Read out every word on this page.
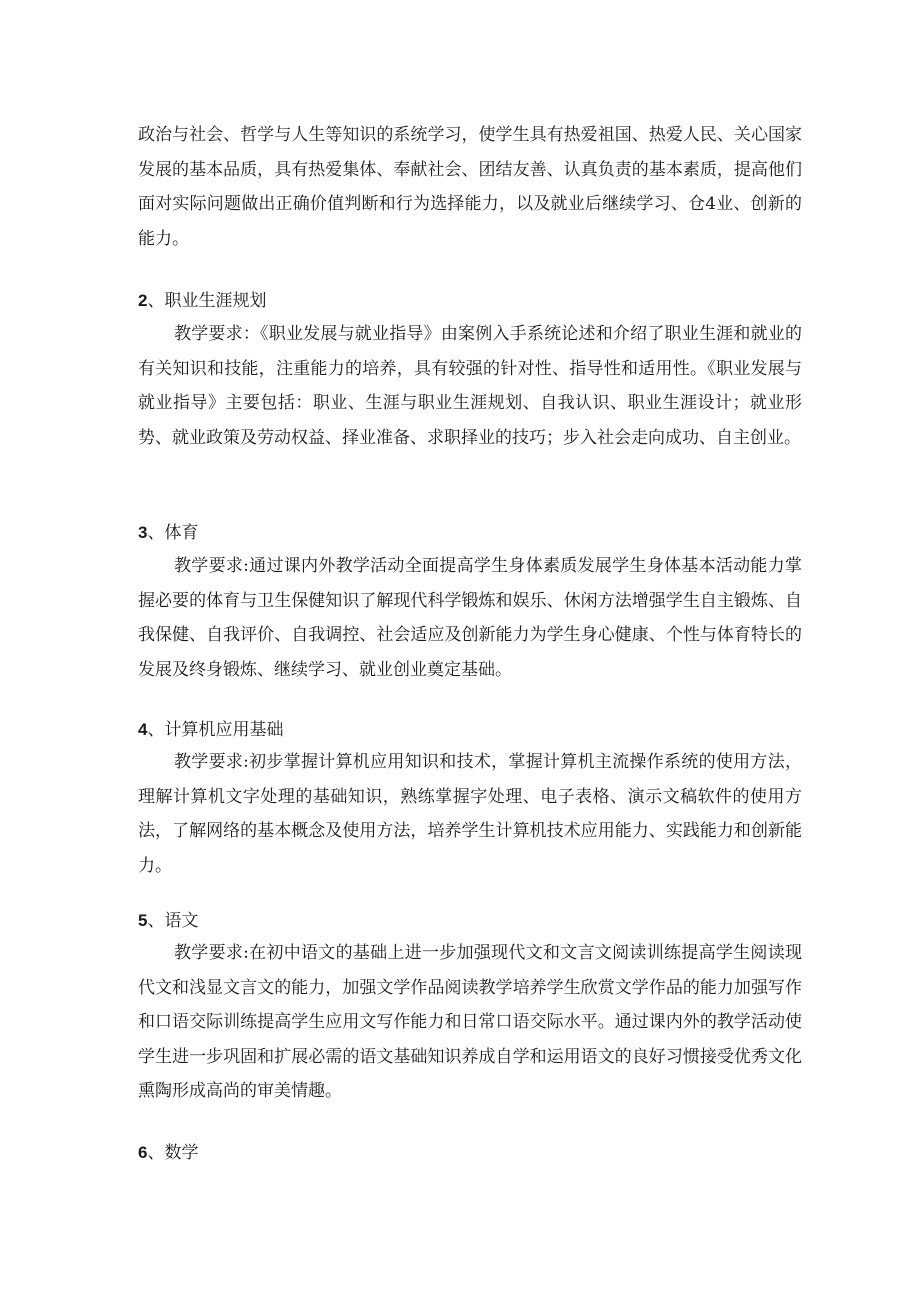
政治与社会、哲学与人生等知识的系统学习，使学生具有热爱祖国、热爱人民、关心国家发展的基本品质，具有热爱集体、奉献社会、团结友善、认真负责的基本素质，提高他们面对实际问题做出正确价值判断和行为选择能力，以及就业后继续学习、仓4业、创新的能力。

2、职业生涯规划

教学要求：《职业发展与就业指导》由案例入手系统论述和介绍了职业生涯和就业的有关知识和技能，注重能力的培养，具有较强的针对性、指导性和适用性。《职业发展与就业指导》主要包括：职业、生涯与职业生涯规划、自我认识、职业生涯设计；就业形势、就业政策及劳动权益、择业准备、求职择业的技巧；步入社会走向成功、自主创业。

3、体育

教学要求:通过课内外教学活动全面提高学生身体素质发展学生身体基本活动能力掌握必要的体育与卫生保健知识了解现代科学锻炼和娱乐、休闲方法增强学生自主锻炼、自我保健、自我评价、自我调控、社会适应及创新能力为学生身心健康、个性与体育特长的发展及终身锻炼、继续学习、就业创业奠定基础。

4、计算机应用基础

教学要求:初步掌握计算机应用知识和技术，掌握计算机主流操作系统的使用方法，理解计算机文字处理的基础知识，熟练掌握字处理、电子表格、演示文稿软件的使用方法，了解网络的基本概念及使用方法，培养学生计算机技术应用能力、实践能力和创新能力。

5、语文

教学要求:在初中语文的基础上进一步加强现代文和文言文阅读训练提高学生阅读现代文和浅显文言文的能力，加强文学作品阅读教学培养学生欣赏文学作品的能力加强写作和口语交际训练提高学生应用文写作能力和日常口语交际水平。通过课内外的教学活动使学生进一步巩固和扩展必需的语文基础知识养成自学和运用语文的良好习惯接受优秀文化熏陶形成高尚的审美情趣。

6、数学
